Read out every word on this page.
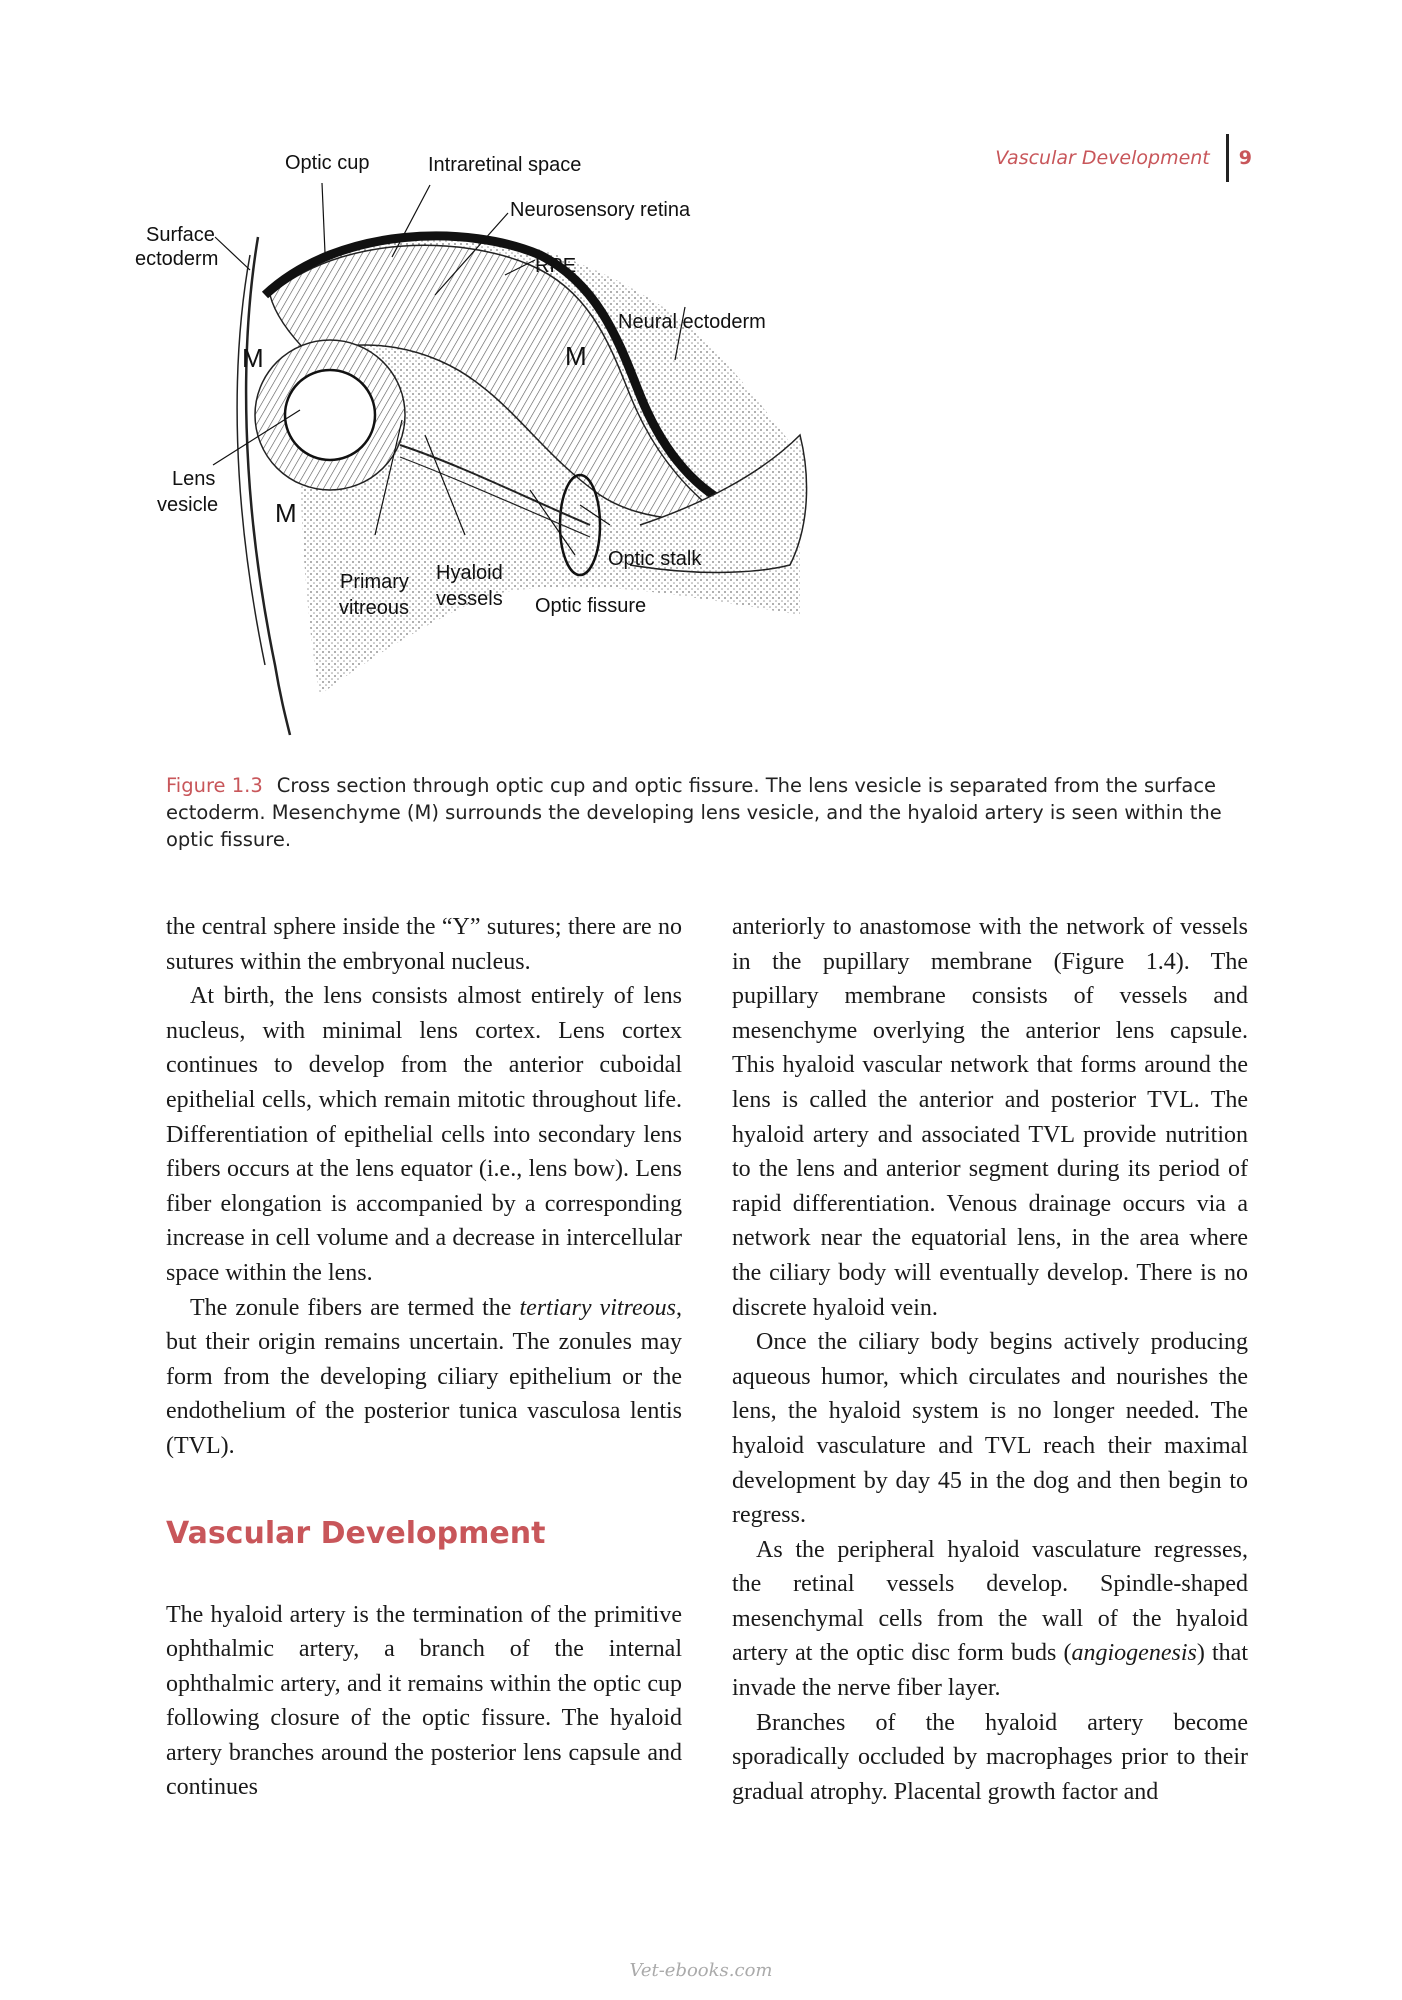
Vascular Development 9
Optic cup	Intraretinal space
Neurosensory retina
Surface
ectoderm	RPE
Neural ectoderm
M	M
M
Lens
vesicle
Optic stalk
Primary
vitreous
Hyaloid
vessels Optic fissure
Figure 1.3 Cross section through optic cup and optic fissure. The lens vesicle is separated from the surface ectoderm. Mesenchyme (M) surrounds the developing lens vesicle, and the hyaloid artery is seen within the optic fissure.

the central sphere inside the “Y” sutures; there are no sutures within the embryonal nucleus.

At birth, the lens consists almost entirely of lens nucleus, with minimal lens cortex. Lens cortex continues to develop from the anterior cuboidal epithelial cells, which remain mitotic throughout life. Differentiation of epithelial cells into secondary lens fibers occurs at the lens equator (i.e., lens bow). Lens fiber elongation is accompanied by a corresponding increase in cell volume and a decrease in intercellular space within the lens.

The zonule fibers are termed the tertiary vitreous, but their origin remains uncertain. The zonules may form from the developing ciliary epithelium or the endothelium of the posterior tunica vasculosa lentis (TVL).

Vascular Development

The hyaloid artery is the termination of the primitive ophthalmic artery, a branch of the internal ophthalmic artery, and it remains within the optic cup following closure of the optic fissure. The hyaloid artery branches around the posterior lens capsule and continues

anteriorly to anastomose with the network of vessels in the pupillary membrane (Figure 1.4). The pupillary membrane consists of vessels and mesenchyme overlying the anterior lens capsule. This hyaloid vascular network that forms around the lens is called the anterior and posterior TVL. The hyaloid artery and associated TVL provide nutrition to the lens and anterior segment during its period of rapid differentiation. Venous drainage occurs via a network near the equatorial lens, in the area where the ciliary body will eventually develop. There is no discrete hyaloid vein.

Once the ciliary body begins actively producing aqueous humor, which circulates and nourishes the lens, the hyaloid system is no longer needed. The hyaloid vasculature and TVL reach their maximal development by day 45 in the dog and then begin to regress.

As the peripheral hyaloid vasculature regresses, the retinal vessels develop. Spindle-shaped mesenchymal cells from the wall of the hyaloid artery at the optic disc form buds (angiogenesis) that invade the nerve fiber layer.

Branches of the hyaloid artery become sporadically occluded by macrophages prior to their gradual atrophy. Placental growth factor and

Vet-ebooks.com
